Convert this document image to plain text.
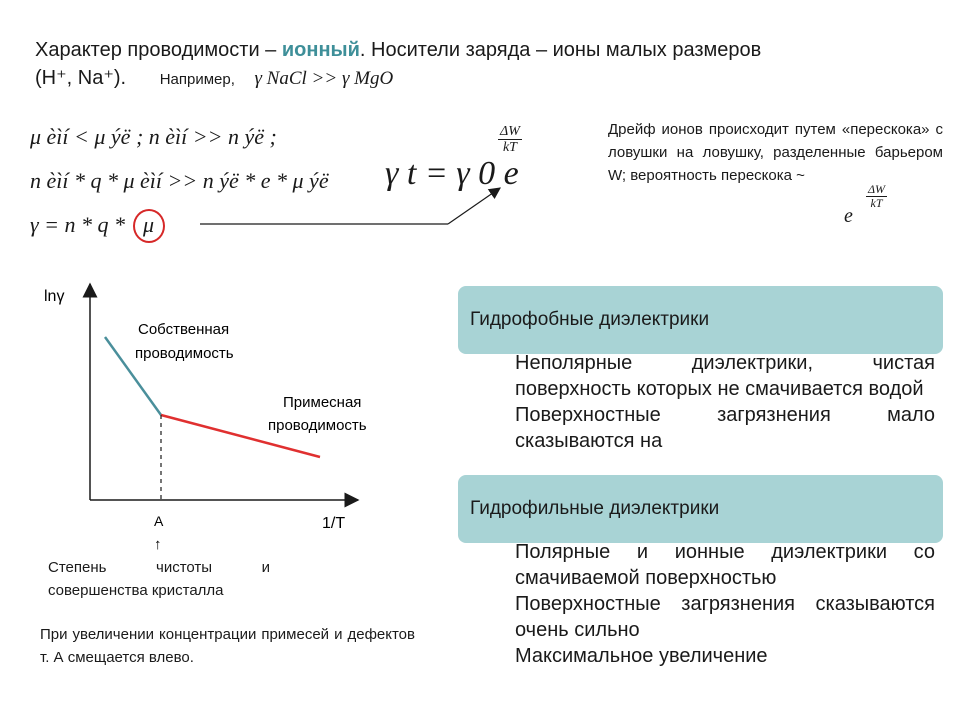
Характер проводимости – ионный. Носители заряда – ионы малых размеров
(H⁺, Na⁺). Например, γ NaCl >> γ MgO
μ èìí < μ ýë ; n èìí >> n ýë ;
n èìí * q * μ èìí >> n ýë * e * μ ýë
γ = n * q * μ
γ t = γ 0 e
$\frac{\Delta W}{kT}$	Дрейф ионов происходит путем «перескока» с ловушки на ловушку, разделенные барьером W; вероятность перескока ~
e
$\frac{\Delta W}{kT}$
lnγ
1/T
A
↑
Собственная
проводимость
Примесная
проводимость
Степень чистоты и совершенства кристалла
При увеличении концентрации примесей и дефектов т. А смещается влево.
Гидрофобные диэлектрики
Неполярные диэлектрики, чистая поверхность которых не смачивается водой
Поверхностные загрязнения мало сказываются на
Гидрофильные диэлектрики
Полярные и ионные диэлектрики со смачиваемой поверхностью
Поверхностные загрязнения сказываются очень сильно
Максимальное увеличение
